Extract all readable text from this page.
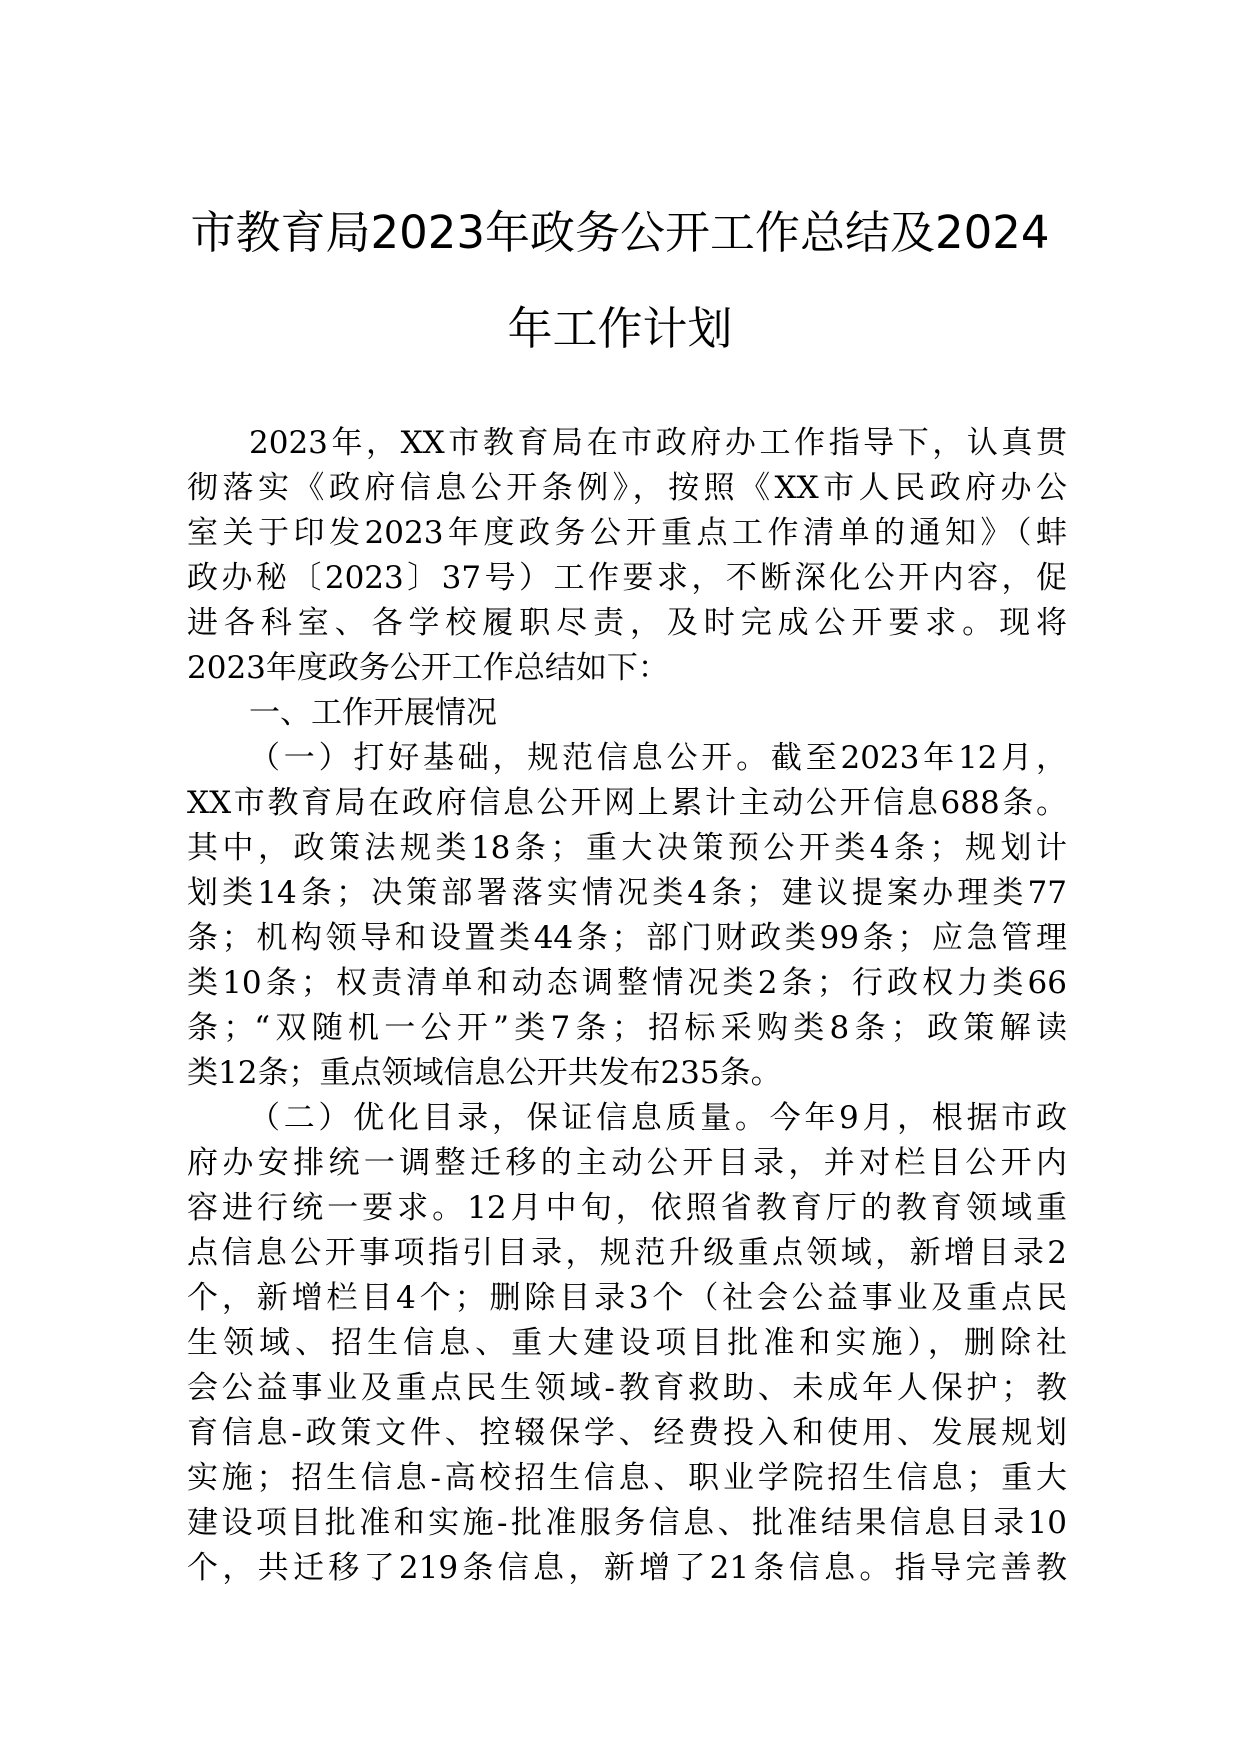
市教育局2023年政务公开工作总结及2024
年工作计划
2023年，XX市教育局在市政府办工作指导下，认真贯
彻落实《政府信息公开条例》，按照《XX市人民政府办公
室关于印发2023年度政务公开重点工作清单的通知》（蚌
政办秘〔2023〕37号）工作要求，不断深化公开内容，促
进各科室、各学校履职尽责，及时完成公开要求。现将
2023年度政务公开工作总结如下：
一、工作开展情况
（一）打好基础，规范信息公开。截至2023年12月，
XX市教育局在政府信息公开网上累计主动公开信息688条。
其中，政策法规类18条；重大决策预公开类4条；规划计
划类14条；决策部署落实情况类4条；建议提案办理类77
条；机构领导和设置类44条；部门财政类99条；应急管理
类10条；权责清单和动态调整情况类2条；行政权力类66
条；“双随机一公开”类7条；招标采购类8条；政策解读
类12条；重点领域信息公开共发布235条。
（二）优化目录，保证信息质量。今年9月，根据市政
府办安排统一调整迁移的主动公开目录，并对栏目公开内
容进行统一要求。12月中旬，依照省教育厅的教育领域重
点信息公开事项指引目录，规范升级重点领域，新增目录2
个，新增栏目4个；删除目录3个（社会公益事业及重点民
生领域、招生信息、重大建设项目批准和实施），删除社
会公益事业及重点民生领域-教育救助、未成年人保护；教
育信息-政策文件、控辍保学、经费投入和使用、发展规划
实施；招生信息-高校招生信息、职业学院招生信息；重大
建设项目批准和实施-批准服务信息、批准结果信息目录10
个，共迁移了219条信息，新增了21条信息。指导完善教
